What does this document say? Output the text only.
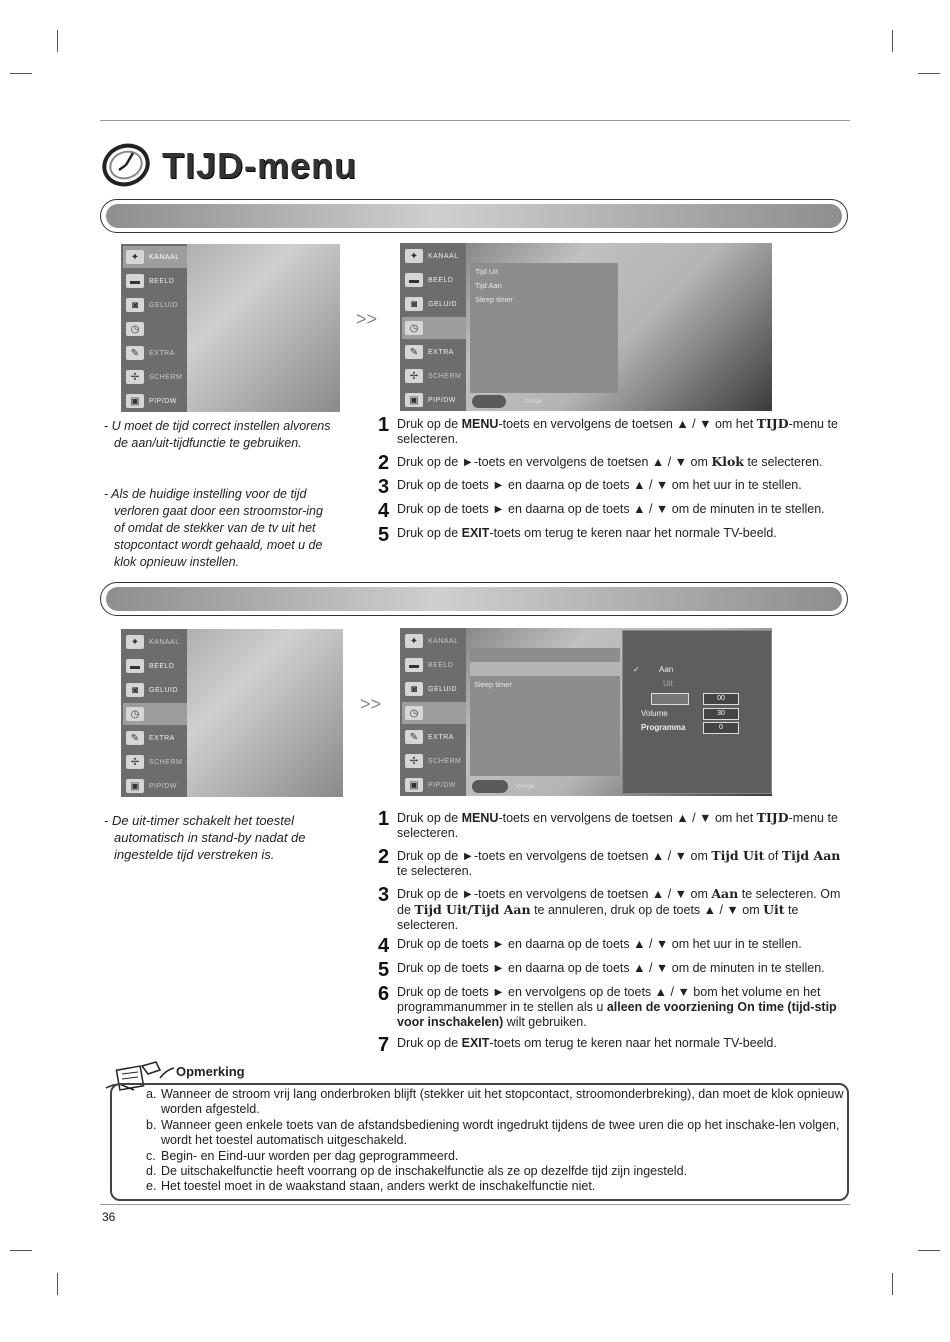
TIJD-menu
✦	KANAAL
▬	BEELD
◙	GELUID
◷
✎	EXTRA
✢	SCHERM
▣	PIP/DW
>>
✦	KANAAL
▬	BEELD
◙	GELUID
◷
✎	EXTRA
✢	SCHERM
▣	PIP/DW
Tijd Uit
Tijd Aan
Sleep timer
Vorige
- U moet de tijd correct instellen alvorens de aan/uit-tijdfunctie te gebruiken.
- Als de huidige instelling voor de tijd verloren gaat door een stroomstor-ing of omdat de stekker van de tv uit het stopcontact wordt gehaald, moet u de klok opnieuw instellen.
1 Druk op de MENU-toets en vervolgens de toetsen ▲ / ▼ om het TIJD-menu te selecteren.
2 Druk op de ►-toets en vervolgens de toetsen ▲ / ▼ om Klok te selecteren.
3 Druk op de toets ► en daarna op de toets ▲ / ▼ om het uur in te stellen.
4 Druk op de toets ► en daarna op de toets ▲ / ▼ om de minuten in te stellen.
5 Druk op de EXIT-toets om terug te keren naar het normale TV-beeld.
✦	KANAAL
▬	BEELD
◙	GELUID
◷
✎	EXTRA
✢	SCHERM
▣	PIP/DW
>>
✦	KANAAL
▬	BEELD
◙	GELUID
◷
✎	EXTRA
✢	SCHERM
▣	PIP/DW
Sleep timer
Vorige
✓ Aan
Uit
00
Volume	30
Programma	0
- De uit-timer schakelt het toestel automatisch in stand-by nadat de ingestelde tijd verstreken is.
1 Druk op de MENU-toets en vervolgens de toetsen ▲ / ▼ om het TIJD-menu te selecteren.
2 Druk op de ►-toets en vervolgens de toetsen ▲ / ▼ om Tijd Uit of Tijd Aan te selecteren.
3 Druk op de ►-toets en vervolgens de toetsen ▲ / ▼ om Aan te selecteren. Om de Tijd Uit/Tijd Aan te annuleren, druk op de toets ▲ / ▼ om Uit te selecteren.
4 Druk op de toets ► en daarna op de toets ▲ / ▼ om het uur in te stellen.
5 Druk op de toets ► en daarna op de toets ▲ / ▼ om de minuten in te stellen.
6 Druk op de toets ► en vervolgens op de toets ▲ / ▼ bom het volume en het programmanummer in te stellen als u alleen de voorziening On time (tijd-stip voor inschakelen) wilt gebruiken.
7 Druk op de EXIT-toets om terug te keren naar het normale TV-beeld.
Opmerking
a. Wanneer de stroom vrij lang onderbroken blijft (stekker uit het stopcontact, stroomonderbreking), dan moet de klok opnieuw worden afgesteld.
b. Wanneer geen enkele toets van de afstandsbediening wordt ingedrukt tijdens de twee uren die op het inschake-len volgen, wordt het toestel automatisch uitgeschakeld.
c. Begin- en Eind-uur worden per dag geprogrammeerd.
d. De uitschakelfunctie heeft voorrang op de inschakelfunctie als ze op dezelfde tijd zijn ingesteld.
e. Het toestel moet in de waakstand staan, anders werkt de inschakelfunctie niet.
36
